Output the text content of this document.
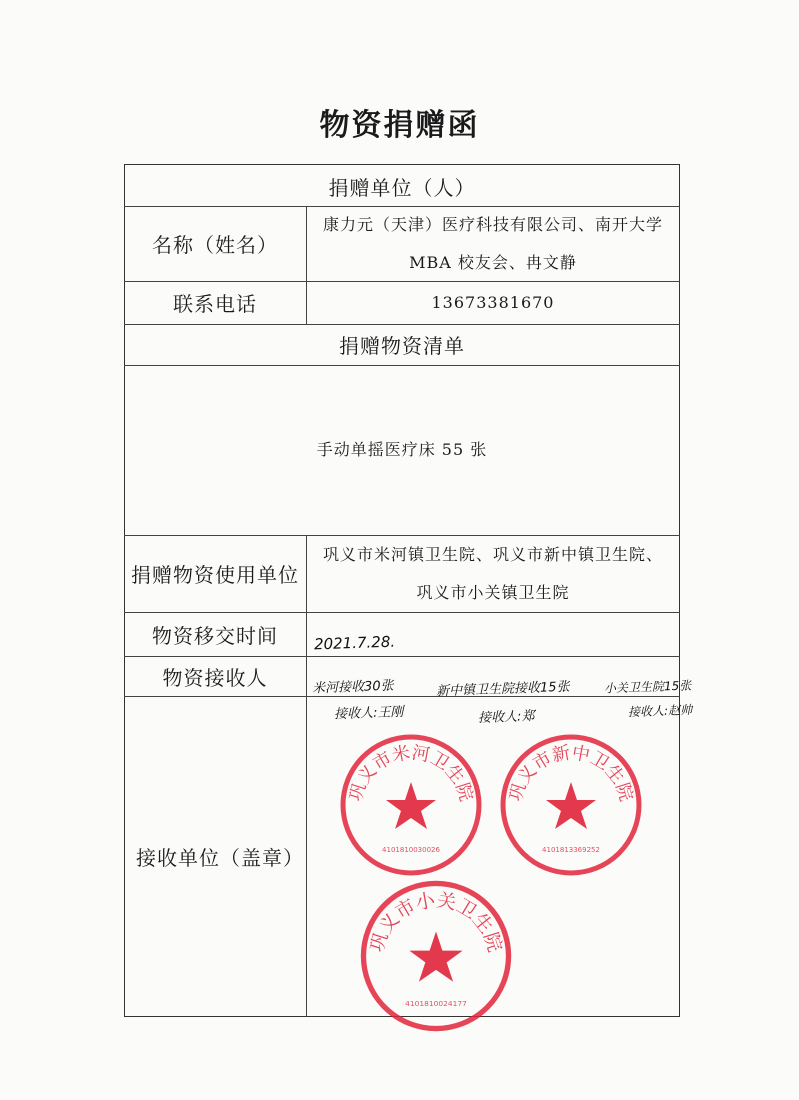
物资捐赠函
捐赠单位（人）
名称（姓名）
康力元（天津）医疗科技有限公司、南开大学
MBA 校友会、冉文静
联系电话	13673381670
捐赠物资清单
手动单摇医疗床 55 张
捐赠物资使用单位
巩义市米河镇卫生院、巩义市新中镇卫生院、
巩义市小关镇卫生院
物资移交时间	2021.7.28.
物资接收人
接收单位（盖章）
米河接收30张
接收人:王刚
新中镇卫生院接收15张
接收人:郑
小关卫生院15张
接收人:赵帅
巩义市米河卫生院
4101810030026
巩义市新中卫生院
4101813369252
巩义市小关卫生院
4101810024177
